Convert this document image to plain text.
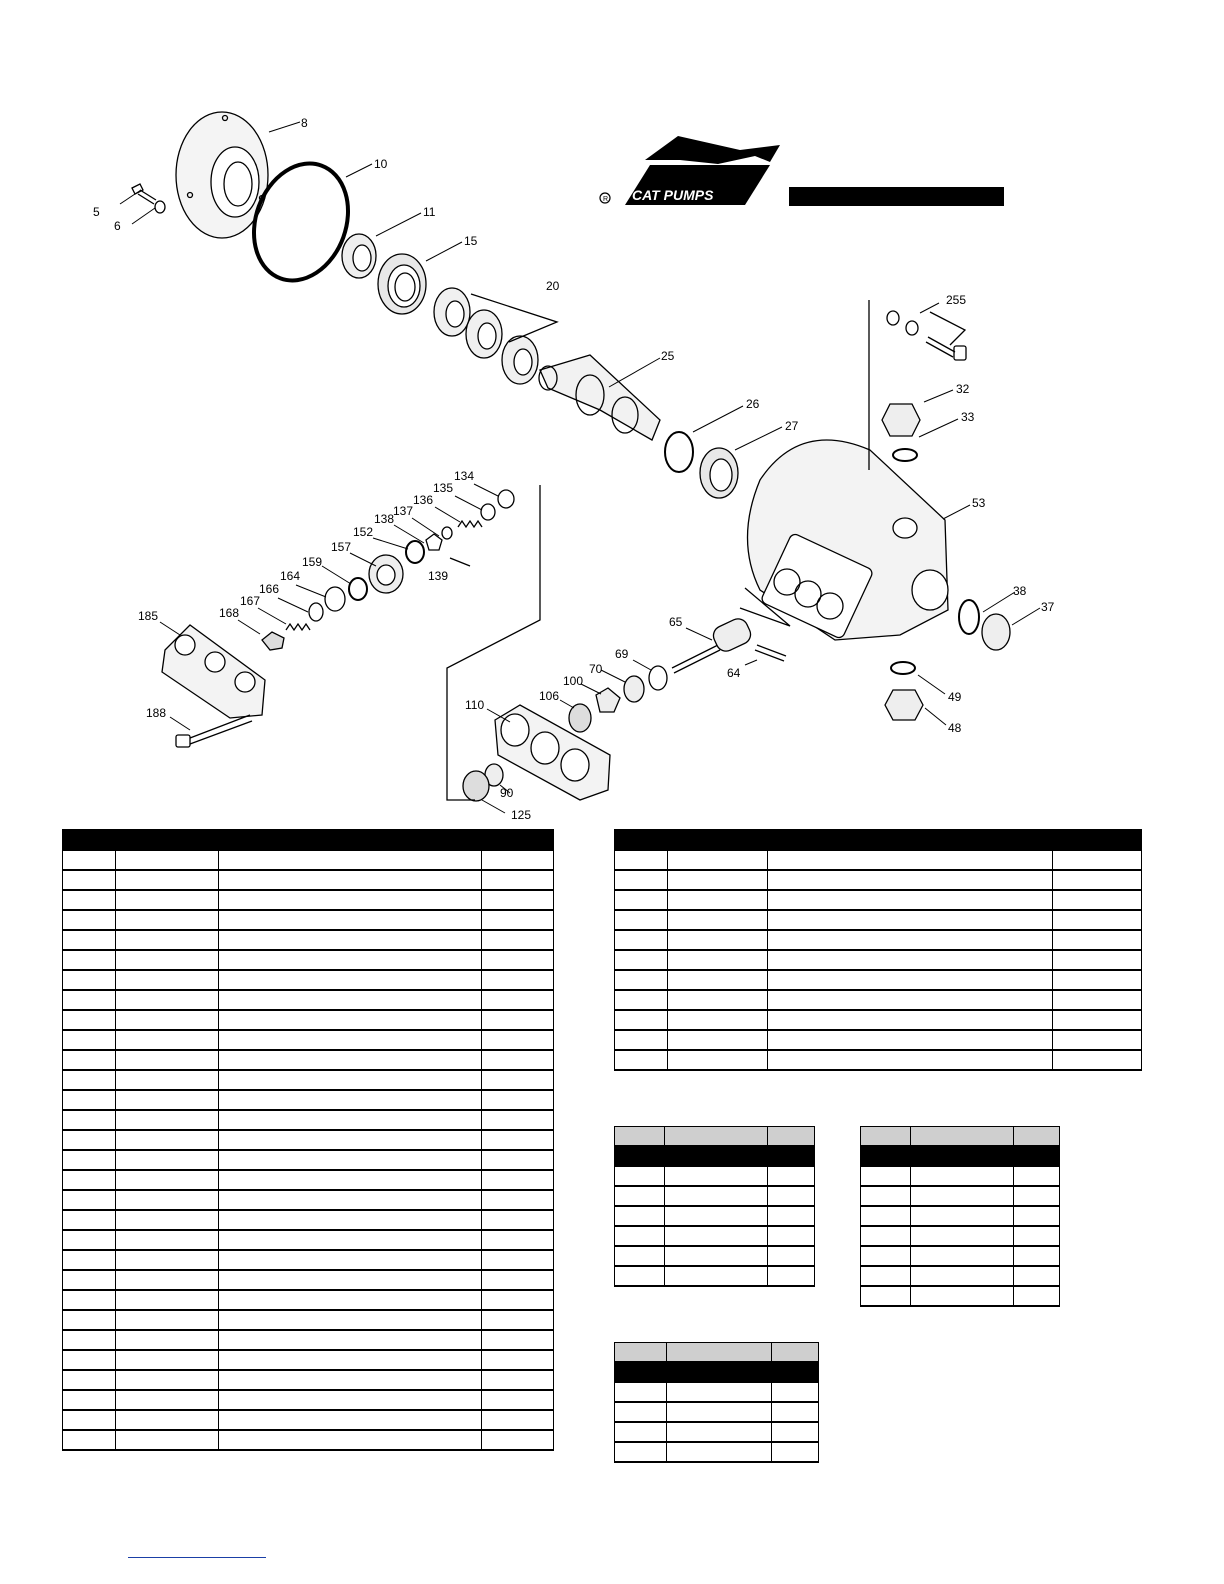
8
10
5
6
11
15
20
25
26
27
255
32
33
53
38
37
49
48
65
64
69
70
100
106
110
90
125
134
135
136
137
138
139
152
157
159
164
166
167
168
185
188
R CAT PUMPS
